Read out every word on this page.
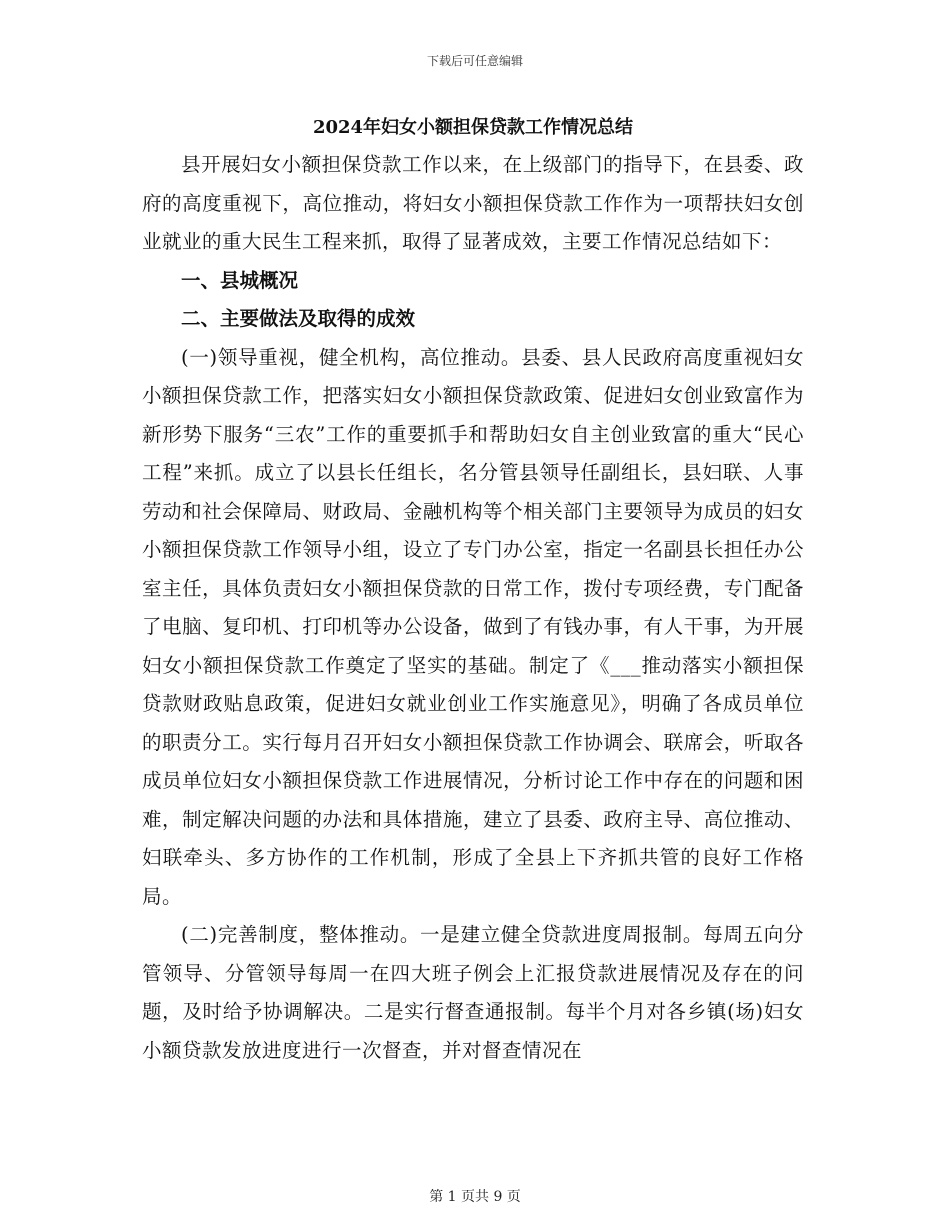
下载后可任意编辑

2024年妇女小额担保贷款工作情况总结

县开展妇女小额担保贷款工作以来，在上级部门的指导下，在县委、政府的高度重视下，高位推动，将妇女小额担保贷款工作作为一项帮扶妇女创业就业的重大民生工程来抓，取得了显著成效，主要工作情况总结如下：

一、县城概况

二、主要做法及取得的成效

(一)领导重视，健全机构，高位推动。县委、县人民政府高度重视妇女小额担保贷款工作，把落实妇女小额担保贷款政策、促进妇女创业致富作为新形势下服务“三农”工作的重要抓手和帮助妇女自主创业致富的重大“民心工程”来抓。成立了以县长任组长，名分管县领导任副组长，县妇联、人事劳动和社会保障局、财政局、金融机构等个相关部门主要领导为成员的妇女小额担保贷款工作领导小组，设立了专门办公室，指定一名副县长担任办公室主任，具体负责妇女小额担保贷款的日常工作，拨付专项经费，专门配备了电脑、复印机、打印机等办公设备，做到了有钱办事，有人干事，为开展妇女小额担保贷款工作奠定了坚实的基础。制定了《___推动落实小额担保贷款财政贴息政策，促进妇女就业创业工作实施意见》，明确了各成员单位的职责分工。实行每月召开妇女小额担保贷款工作协调会、联席会，听取各成员单位妇女小额担保贷款工作进展情况，分析讨论工作中存在的问题和困难，制定解决问题的办法和具体措施，建立了县委、政府主导、高位推动、妇联牵头、多方协作的工作机制，形成了全县上下齐抓共管的良好工作格局。

(二)完善制度，整体推动。一是建立健全贷款进度周报制。每周五向分管领导、分管领导每周一在四大班子例会上汇报贷款进展情况及存在的问题，及时给予协调解决。二是实行督查通报制。每半个月对各乡镇(场)妇女小额贷款发放进度进行一次督查，并对督查情况在

第 1 页共 9 页
